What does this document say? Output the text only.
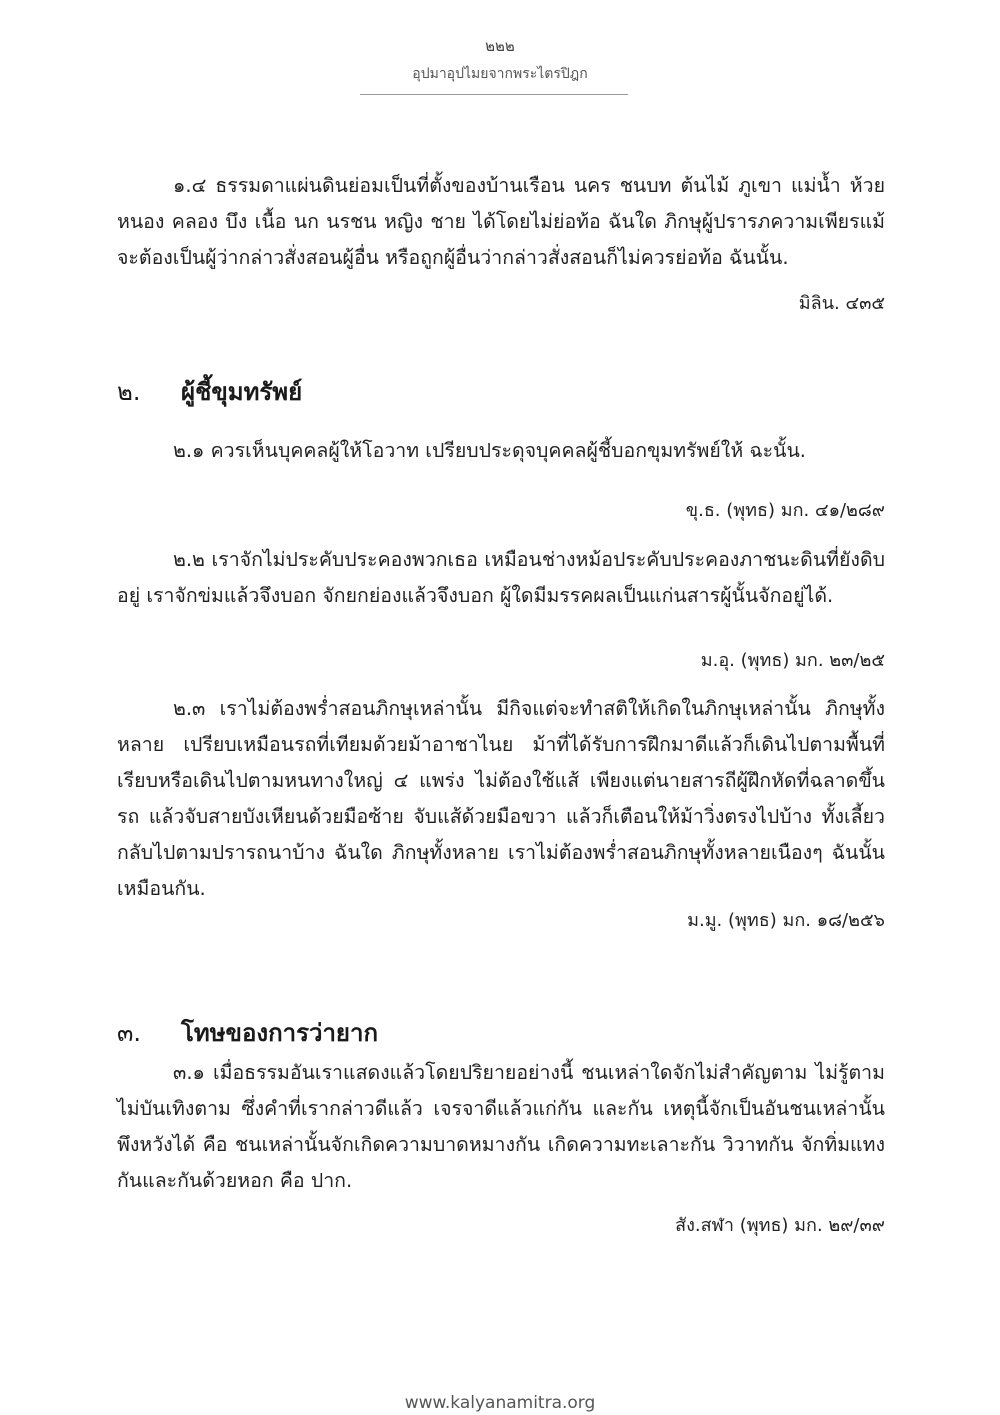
๒๒๒
อุปมาอุปไมยจากพระไตรปิฎก

๑.๔ ธรรมดาแผ่นดินย่อมเป็นที่ตั้งของบ้านเรือน นคร ชนบท ต้นไม้ ภูเขา แม่น้ำ ห้วย หนอง คลอง บึง เนื้อ นก นรชน หญิง ชาย ได้โดยไม่ย่อท้อ ฉันใด ภิกษุผู้ปรารภความเพียรแม้จะต้องเป็นผู้ว่ากล่าวสั่งสอนผู้อื่น หรือถูกผู้อื่นว่ากล่าวสั่งสอนก็ไม่ควรย่อท้อ ฉันนั้น.

มิลิน. ๔๓๕
๒. ผู้ชี้ขุมทรัพย์

๒.๑ ควรเห็นบุคคลผู้ให้โอวาท เปรียบประดุจบุคคลผู้ชี้บอกขุมทรัพย์ให้ ฉะนั้น.

ขุ.ธ. (พุทธ) มก. ๔๑/๒๘๙

๒.๒ เราจักไม่ประคับประคองพวกเธอ เหมือนช่างหม้อประคับประคองภาชนะดินที่ยังดิบอยู่ เราจักข่มแล้วจึงบอก จักยกย่องแล้วจึงบอก ผู้ใดมีมรรคผลเป็นแก่นสารผู้นั้นจักอยู่ได้.

ม.อุ. (พุทธ) มก. ๒๓/๒๕

๒.๓ เราไม่ต้องพร่ำสอนภิกษุเหล่านั้น มีกิจแต่จะทำสติให้เกิดในภิกษุเหล่านั้น ภิกษุทั้งหลาย เปรียบเหมือนรถที่เทียมด้วยม้าอาชาไนย ม้าที่ได้รับการฝึกมาดีแล้วก็เดินไปตามพื้นที่เรียบหรือเดินไปตามหนทางใหญ่ ๔ แพร่ง ไม่ต้องใช้แส้ เพียงแต่นายสารถีผู้ฝึกหัดที่ฉลาดขึ้นรถ แล้วจับสายบังเหียนด้วยมือซ้าย จับแส้ด้วยมือขวา แล้วก็เตือนให้ม้าวิ่งตรงไปบ้าง ทั้งเลี้ยวกลับไปตามปรารถนาบ้าง ฉันใด ภิกษุทั้งหลาย เราไม่ต้องพร่ำสอนภิกษุทั้งหลายเนืองๆ ฉันนั้นเหมือนกัน.

ม.มู. (พุทธ) มก. ๑๘/๒๕๖
๓. โทษของการว่ายาก

๓.๑ เมื่อธรรมอันเราแสดงแล้วโดยปริยายอย่างนี้ ชนเหล่าใดจักไม่สำคัญตาม ไม่รู้ตาม ไม่บันเทิงตาม ซึ่งคำที่เรากล่าวดีแล้ว เจรจาดีแล้วแก่กัน และกัน เหตุนี้จักเป็นอันชนเหล่านั้นพึงหวังได้ คือ ชนเหล่านั้นจักเกิดความบาดหมางกัน เกิดความทะเลาะกัน วิวาทกัน จักทิ่มแทงกันและกันด้วยหอก คือ ปาก.

สัง.สฬา (พุทธ) มก. ๒๙/๓๙
www.kalyanamitra.org
